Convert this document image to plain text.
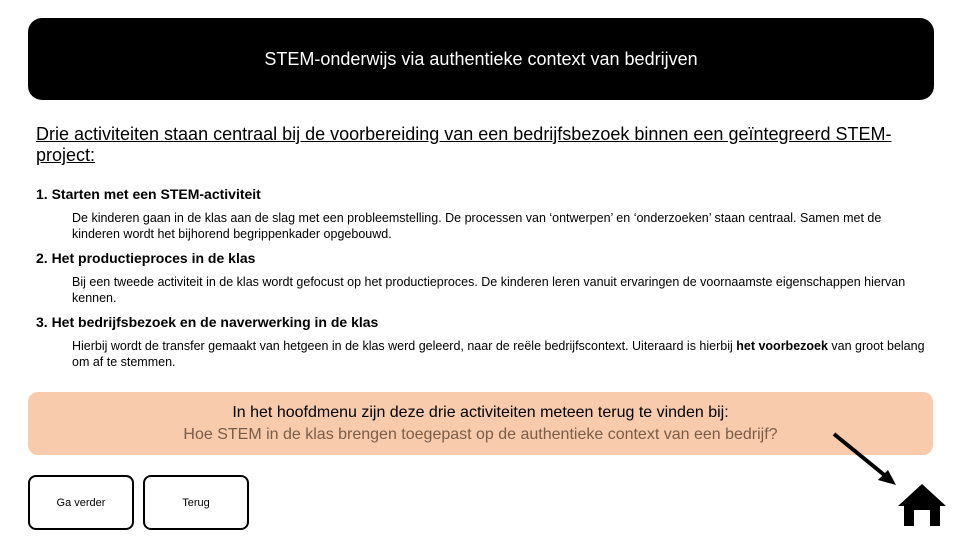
STEM-onderwijs via authentieke context van bedrijven
Drie activiteiten staan centraal bij de voorbereiding van een bedrijfsbezoek binnen een geïntegreerd STEM-project:
1. Starten met een STEM-activiteit
De kinderen gaan in de klas aan de slag met een probleemstelling. De processen van ‘ontwerpen’ en ‘onderzoeken’ staan centraal. Samen met de kinderen wordt het bijhorend begrippenkader opgebouwd.
2. Het productieproces in de klas
Bij een tweede activiteit in de klas wordt gefocust op het productieproces. De kinderen leren vanuit ervaringen de voornaamste eigenschappen hiervan kennen.
3. Het bedrijfsbezoek en de naverwerking in de klas
Hierbij wordt de transfer gemaakt van hetgeen in de klas werd geleerd, naar de reële bedrijfscontext. Uiteraard is hierbij het voorbezoek van groot belang om af te stemmen.
In het hoofdmenu zijn deze drie activiteiten meteen terug te vinden bij:
Hoe STEM in de klas brengen toegepast op de authentieke context van een bedrijf?
Ga verder	Terug
